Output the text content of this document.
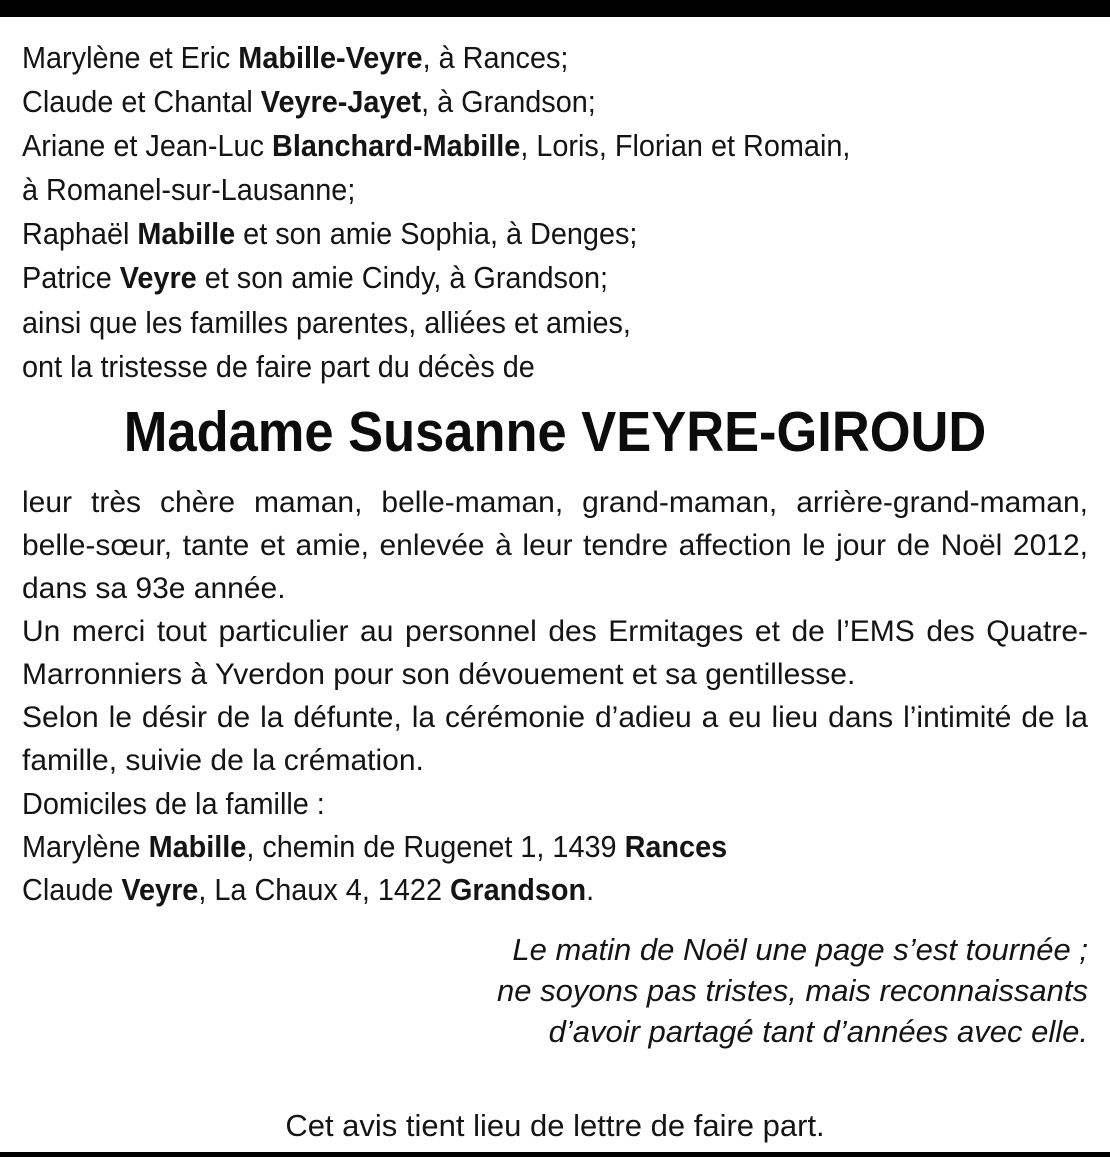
Marylène et Eric Mabille-Veyre, à Rances;
Claude et Chantal Veyre-Jayet, à Grandson;
Ariane et Jean-Luc Blanchard-Mabille, Loris, Florian et Romain,
à Romanel-sur-Lausanne;
Raphaël Mabille et son amie Sophia, à Denges;
Patrice Veyre et son amie Cindy, à Grandson;
ainsi que les familles parentes, alliées et amies,
ont la tristesse de faire part du décès de
Madame Susanne VEYRE-GIROUD

leur très chère maman, belle-maman, grand-maman, arrière-grand-maman, belle-sœur, tante et amie, enlevée à leur tendre affection le jour de Noël 2012, dans sa 93e année.

Un merci tout particulier au personnel des Ermitages et de l’EMS des Quatre-Marronniers à Yverdon pour son dévouement et sa gentillesse.

Selon le désir de la défunte, la cérémonie d’adieu a eu lieu dans l’intimité de la famille, suivie de la crémation.

Domiciles de la famille :
Marylène Mabille, chemin de Rugenet 1, 1439 Rances
Claude Veyre, La Chaux 4, 1422 Grandson.
Le matin de Noël une page s’est tournée ;
ne soyons pas tristes, mais reconnaissants
d’avoir partagé tant d’années avec elle.
Cet avis tient lieu de lettre de faire part.
